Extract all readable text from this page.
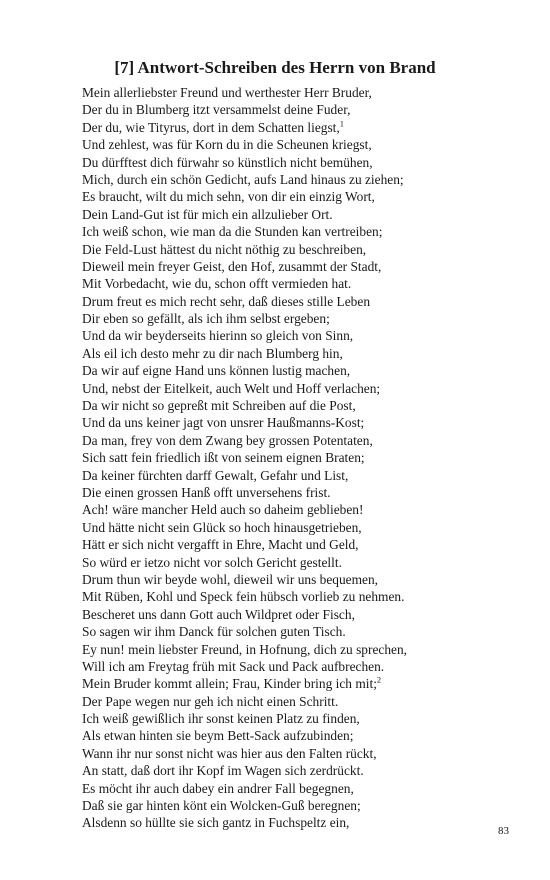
[7] Antwort-Schreiben des Herrn von Brand
Mein allerliebster Freund und werthester Herr Bruder,
Der du in Blumberg itzt versammelst deine Fuder,
Der du, wie Tityrus, dort in dem Schatten liegst,$^1$
Und zehlest, was für Korn du in die Scheunen kriegst,
Du dürfftest dich fürwahr so künstlich nicht bemühen,
Mich, durch ein schön Gedicht, aufs Land hinaus zu ziehen;
Es braucht, wilt du mich sehn, von dir ein einzig Wort,
Dein Land-Gut ist für mich ein allzulieber Ort.
Ich weiß schon, wie man da die Stunden kan vertreiben;
Die Feld-Lust hättest du nicht nöthig zu beschreiben,
Dieweil mein freyer Geist, den Hof, zusammt der Stadt,
Mit Vorbedacht, wie du, schon offt vermieden hat.
Drum freut es mich recht sehr, daß dieses stille Leben
Dir eben so gefällt, als ich ihm selbst ergeben;
Und da wir beyderseits hierinn so gleich von Sinn,
Als eil ich desto mehr zu dir nach Blumberg hin,
Da wir auf eigne Hand uns können lustig machen,
Und, nebst der Eitelkeit, auch Welt und Hoff verlachen;
Da wir nicht so gepreßt mit Schreiben auf die Post,
Und da uns keiner jagt von unsrer Haußmanns-Kost;
Da man, frey von dem Zwang bey grossen Potentaten,
Sich satt fein friedlich ißt von seinem eignen Braten;
Da keiner fürchten darff Gewalt, Gefahr und List,
Die einen grossen Hanß offt unversehens frist.
Ach! wäre mancher Held auch so daheim geblieben!
Und hätte nicht sein Glück so hoch hinausgetrieben,
Hätt er sich nicht vergafft in Ehre, Macht und Geld,
So würd er ietzo nicht vor solch Gericht gestellt.
Drum thun wir beyde wohl, dieweil wir uns bequemen,
Mit Rüben, Kohl und Speck fein hübsch vorlieb zu nehmen.
Bescheret uns dann Gott auch Wildpret oder Fisch,
So sagen wir ihm Danck für solchen guten Tisch.
Ey nun! mein liebster Freund, in Hofnung, dich zu sprechen,
Will ich am Freytag früh mit Sack und Pack aufbrechen.
Mein Bruder kommt allein; Frau, Kinder bring ich mit;$^2$
Der Pape wegen nur geh ich nicht einen Schritt.
Ich weiß gewißlich ihr sonst keinen Platz zu finden,
Als etwan hinten sie beym Bett-Sack aufzubinden;
Wann ihr nur sonst nicht was hier aus den Falten rückt,
An statt, daß dort ihr Kopf im Wagen sich zerdrückt.
Es möcht ihr auch dabey ein andrer Fall begegnen,
Daß sie gar hinten könt ein Wolcken-Guß beregnen;
Alsdenn so hüllte sie sich gantz in Fuchspeltz ein,
83
